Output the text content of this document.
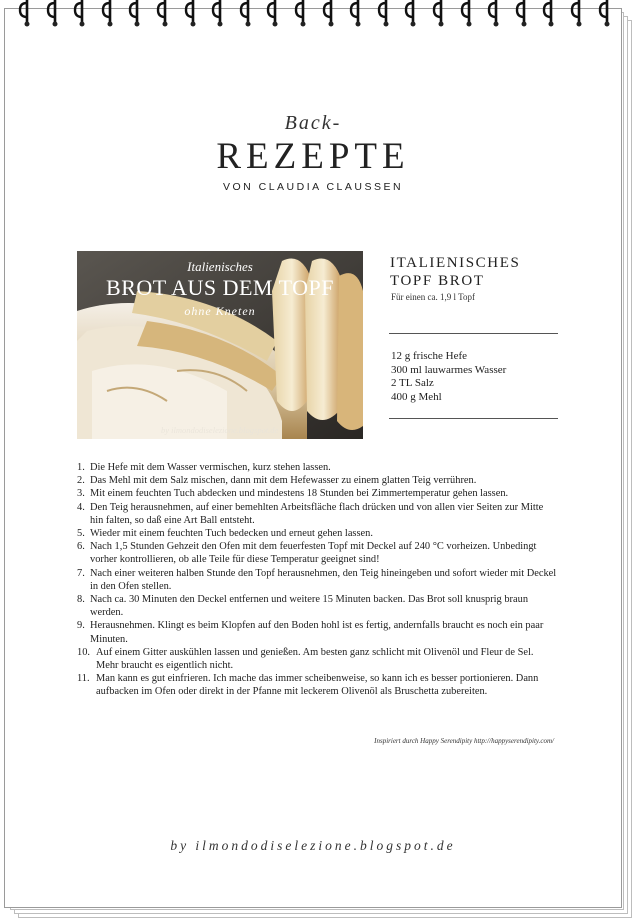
Back-
REZEPTE
VON CLAUDIA CLAUSSEN
Italienisches
BROT AUS DEM TOPF
ohne Kneten
by ilmondodiselezione.blogspot.de
ITALIENISCHES
TOPF BROT
Für einen ca. 1,9 l Topf
12 g frische Hefe
300 ml lauwarmes Wasser
2 TL Salz
400 g Mehl
1. Die Hefe mit dem Wasser vermischen, kurz stehen lassen.
2. Das Mehl mit dem Salz mischen, dann mit dem Hefewasser zu einem glatten Teig verrühren.
3. Mit einem feuchten Tuch abdecken und mindestens 18 Stunden bei Zimmertemperatur gehen lassen.
4. Den Teig herausnehmen, auf einer bemehlten Arbeitsfläche flach drücken und von allen vier Seiten zur Mitte hin falten, so daß eine Art Ball entsteht.
5. Wieder mit einem feuchten Tuch bedecken und erneut gehen lassen.
6. Nach 1,5 Stunden Gehzeit den Ofen mit dem feuerfesten Topf mit Deckel auf 240 °C vorheizen. Unbedingt vorher kontrollieren, ob alle Teile für diese Temperatur geeignet sind!
7. Nach einer weiteren halben Stunde den Topf herausnehmen, den Teig hineingeben und sofort wieder mit Deckel in den Ofen stellen.
8. Nach ca. 30 Minuten den Deckel entfernen und weitere 15 Minuten backen. Das Brot soll knusprig braun werden.
9. Herausnehmen. Klingt es beim Klopfen auf den Boden hohl ist es fertig, andernfalls braucht es noch ein paar Minuten.
10. Auf einem Gitter auskühlen lassen und genießen. Am besten ganz schlicht mit Olivenöl und Fleur de Sel. Mehr braucht es eigentlich nicht.
11. Man kann es gut einfrieren. Ich mache das immer scheibenweise, so kann ich es besser portionieren. Dann aufbacken im Ofen oder direkt in der Pfanne mit leckerem Olivenöl als Bruschetta zubereiten.
Inspiriert durch Happy Serendipity http://happyserendipity.com/
by ilmondodiselezione.blogspot.de
